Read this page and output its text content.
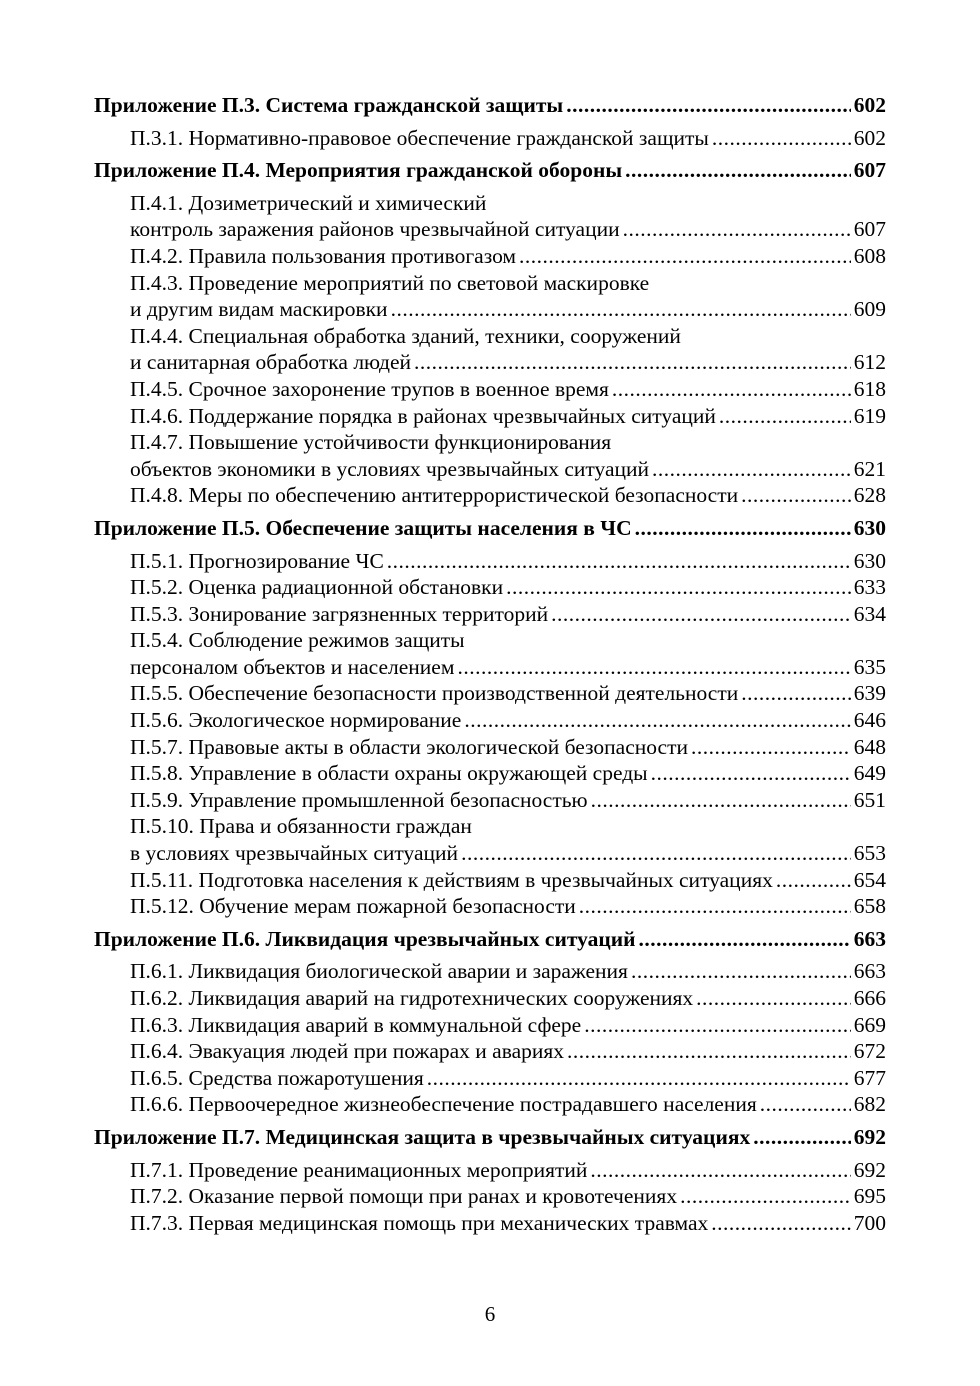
Приложение П.3. Система гражданской защиты .....	602
П.3.1. Нормативно-правовое обеспечение гражданской защиты .....	602
Приложение П.4. Мероприятия гражданской обороны .....	607
П.4.1. Дозиметрический и химический
контроль заражения районов чрезвычайной ситуации .....	607
П.4.2. Правила пользования противогазом .....	608
П.4.3. Проведение мероприятий по световой маскировке
и другим видам маскировки .....	609
П.4.4. Специальная обработка зданий, техники, сооружений
и санитарная обработка людей .....	612
П.4.5. Срочное захоронение трупов в военное время .....	618
П.4.6. Поддержание порядка в районах чрезвычайных ситуаций .....	619
П.4.7. Повышение устойчивости функционирования
объектов экономики в условиях чрезвычайных ситуаций .....	621
П.4.8. Меры по обеспечению антитеррористической безопасности .....	628
Приложение П.5. Обеспечение защиты населения в ЧС .....	630
П.5.1. Прогнозирование ЧС .....	630
П.5.2. Оценка радиационной обстановки .....	633
П.5.3. Зонирование загрязненных территорий .....	634
П.5.4. Соблюдение режимов защиты
персоналом объектов и населением .....	635
П.5.5. Обеспечение безопасности производственной деятельности .....	639
П.5.6. Экологическое нормирование .....	646
П.5.7. Правовые акты в области экологической безопасности .....	648
П.5.8. Управление в области охраны окружающей среды .....	649
П.5.9. Управление промышленной безопасностью .....	651
П.5.10. Права и обязанности граждан
в условиях чрезвычайных ситуаций .....	653
П.5.11. Подготовка населения к действиям в чрезвычайных ситуациях .....	654
П.5.12. Обучение мерам пожарной безопасности .....	658
Приложение П.6. Ликвидация чрезвычайных ситуаций .....	663
П.6.1. Ликвидация биологической аварии и заражения .....	663
П.6.2. Ликвидация аварий на гидротехнических сооружениях .....	666
П.6.3. Ликвидация аварий в коммунальной сфере .....	669
П.6.4. Эвакуация людей при пожарах и авариях .....	672
П.6.5. Средства пожаротушения .....	677
П.6.6. Первоочередное жизнеобеспечение пострадавшего населения .....	682
Приложение П.7. Медицинская защита в чрезвычайных ситуациях .....	692
П.7.1. Проведение реанимационных мероприятий .....	692
П.7.2. Оказание первой помощи при ранах и кровотечениях .....	695
П.7.3. Первая медицинская помощь при механических травмах .....	700
6
